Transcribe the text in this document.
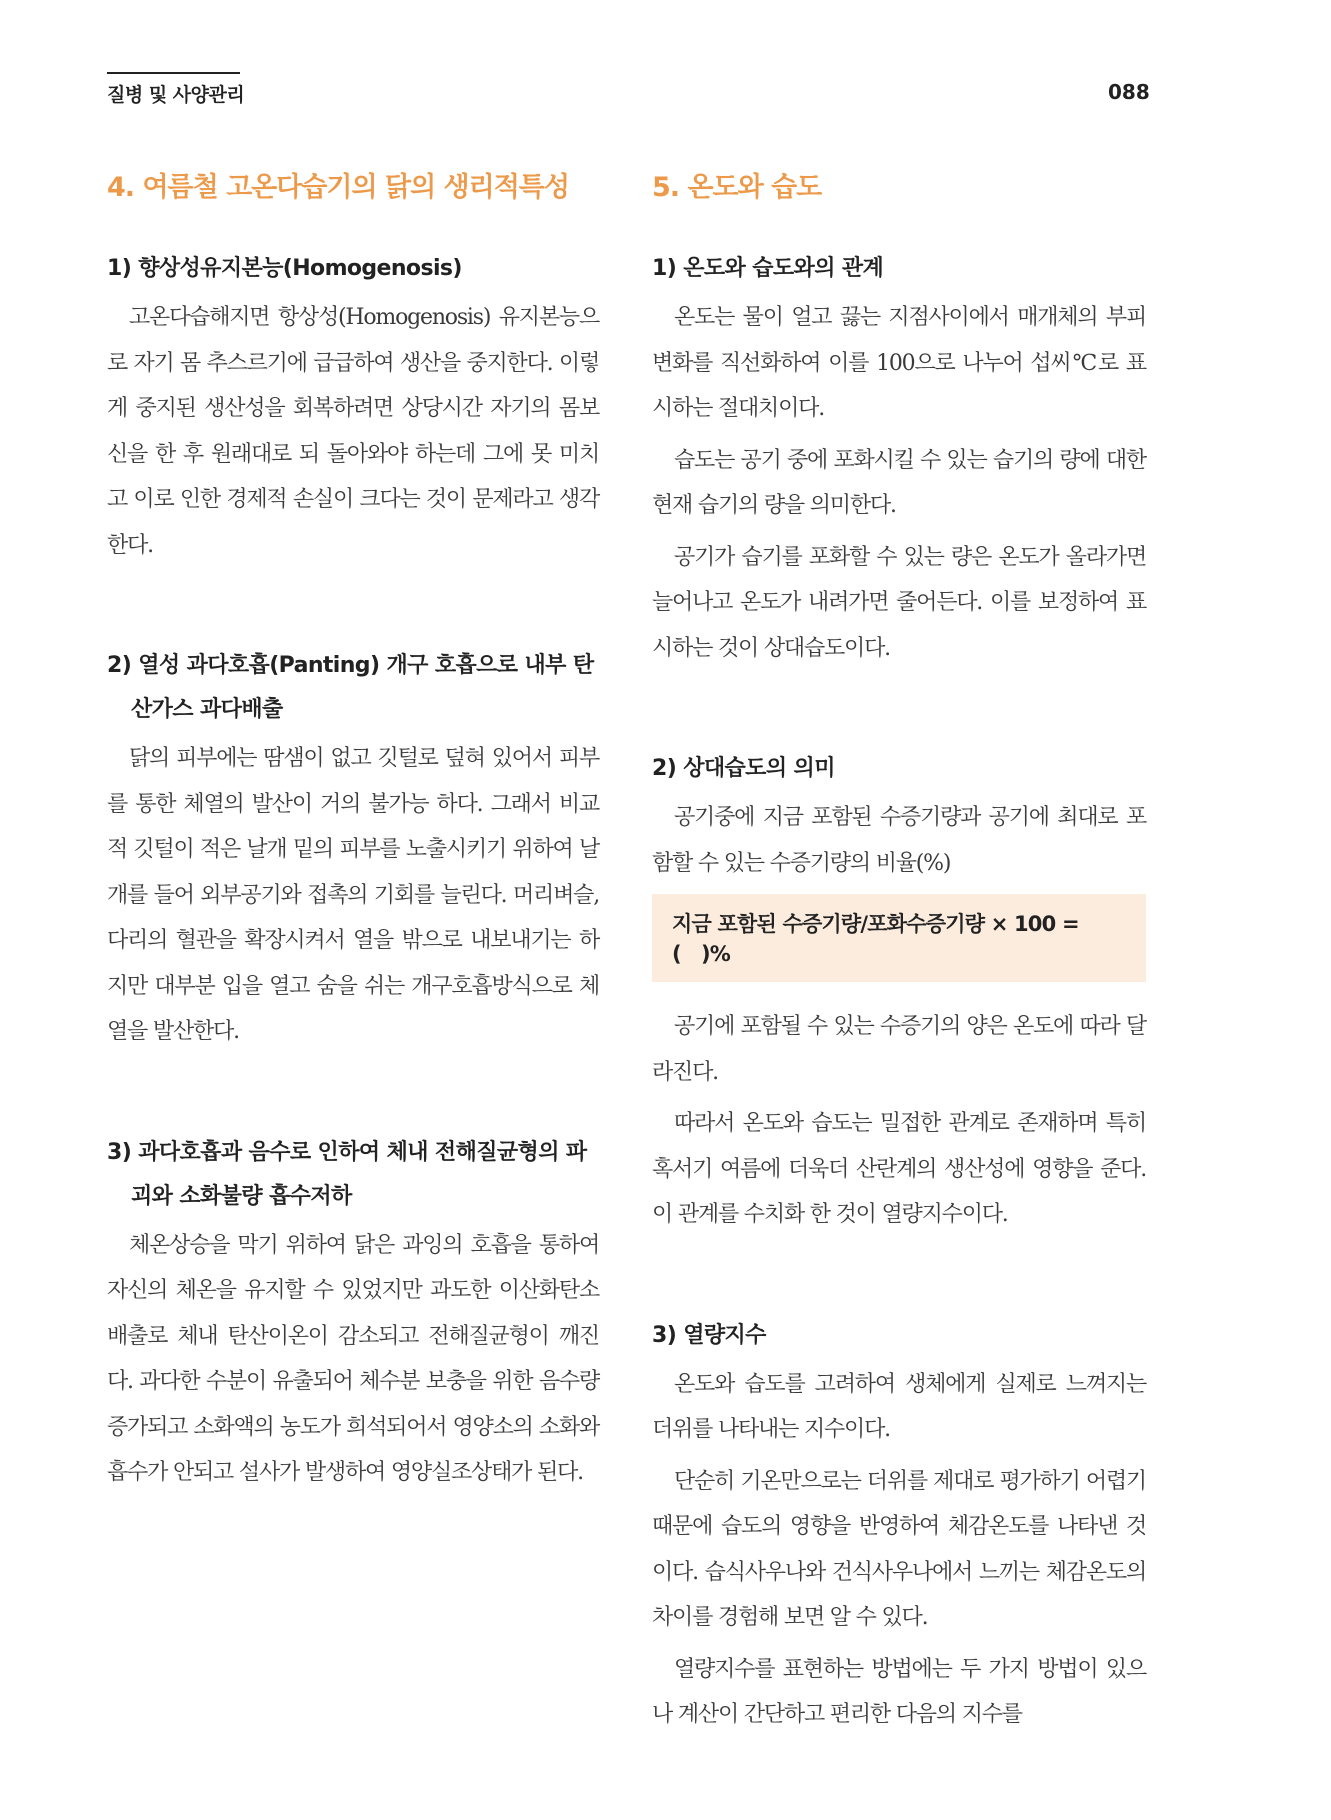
질병 및 사양관리	088
4. 여름철 고온다습기의 닭의 생리적특성
1) 향상성유지본능(Homogenosis)

고온다습해지면 항상성(Homogenosis) 유지본능으로 자기 몸 추스르기에 급급하여 생산을 중지한다. 이렇게 중지된 생산성을 회복하려면 상당시간 자기의 몸보신을 한 후 원래대로 되 돌아와야 하는데 그에 못 미치고 이로 인한 경제적 손실이 크다는 것이 문제라고 생각한다.

2) 열성 과다호흡(Panting) 개구 호흡으로 내부 탄산가스 과다배출

닭의 피부에는 땀샘이 없고 깃털로 덮혀 있어서 피부를 통한 체열의 발산이 거의 불가능 하다. 그래서 비교적 깃털이 적은 날개 밑의 피부를 노출시키기 위하여 날개를 들어 외부공기와 접촉의 기회를 늘린다. 머리벼슬, 다리의 혈관을 확장시켜서 열을 밖으로 내보내기는 하지만 대부분 입을 열고 숨을 쉬는 개구호흡방식으로 체열을 발산한다.

3) 과다호흡과 음수로 인하여 체내 전해질균형의 파괴와 소화불량 흡수저하

체온상승을 막기 위하여 닭은 과잉의 호흡을 통하여 자신의 체온을 유지할 수 있었지만 과도한 이산화탄소 배출로 체내 탄산이온이 감소되고 전해질균형이 깨진다. 과다한 수분이 유출되어 체수분 보충을 위한 음수량 증가되고 소화액의 농도가 희석되어서 영양소의 소화와 흡수가 안되고 설사가 발생하여 영양실조상태가 된다.

5. 온도와 습도
1) 온도와 습도와의 관계

온도는 물이 얼고 끓는 지점사이에서 매개체의 부피변화를 직선화하여 이를 100으로 나누어 섭씨℃로 표시하는 절대치이다.

습도는 공기 중에 포화시킬 수 있는 습기의 량에 대한 현재 습기의 량을 의미한다.

공기가 습기를 포화할 수 있는 량은 온도가 올라가면 늘어나고 온도가 내려가면 줄어든다. 이를 보정하여 표시하는 것이 상대습도이다.

2) 상대습도의 의미

공기중에 지금 포함된 수증기량과 공기에 최대로 포함할 수 있는 수증기량의 비율(%)

지금 포함된 수증기량/포화수증기량 × 100 = (　)%

공기에 포함될 수 있는 수증기의 양은 온도에 따라 달라진다.

따라서 온도와 습도는 밀접한 관계로 존재하며 특히 혹서기 여름에 더욱더 산란계의 생산성에 영향을 준다. 이 관계를 수치화 한 것이 열량지수이다.

3) 열량지수

온도와 습도를 고려하여 생체에게 실제로 느껴지는 더위를 나타내는 지수이다.

단순히 기온만으로는 더위를 제대로 평가하기 어렵기 때문에 습도의 영향을 반영하여 체감온도를 나타낸 것이다. 습식사우나와 건식사우나에서 느끼는 체감온도의 차이를 경험해 보면 알 수 있다.

열량지수를 표현하는 방법에는 두 가지 방법이 있으나 계산이 간단하고 편리한 다음의 지수를
